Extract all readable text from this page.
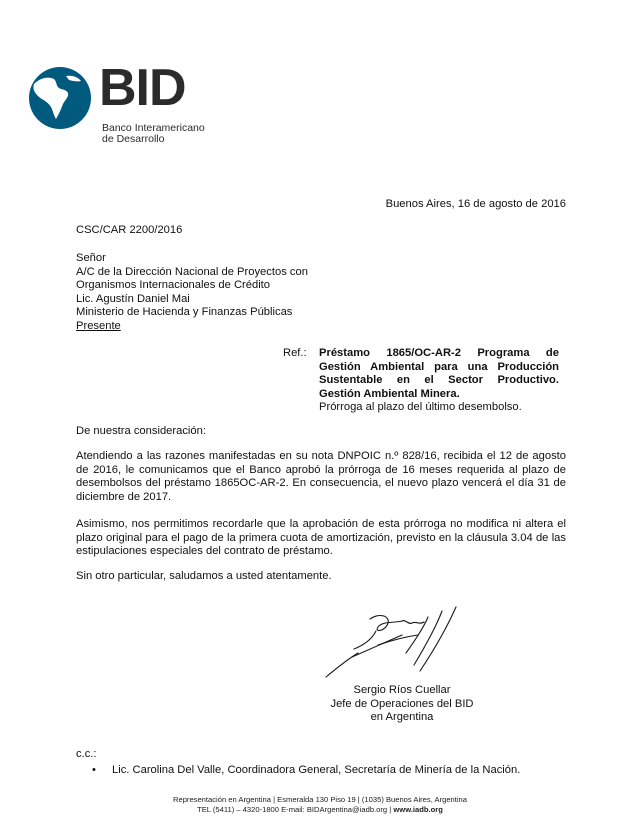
BID
Banco Interamericano
de Desarrollo
Buenos Aires, 16 de agosto de 2016
CSC/CAR 2200/2016
Señor
A/C de la Dirección Nacional de Proyectos con
Organismos Internacionales de Crédito
Lic. Agustín Daniel Mai
Ministerio de Hacienda y Finanzas Públicas
Presente
Ref.: Préstamo 1865/OC-AR-2 Programa de
Gestión Ambiental para una Producción
Sustentable en el Sector Productivo.
Gestión Ambiental Minera.
Prórroga al plazo del último desembolso.
De nuestra consideración:
Atendiendo a las razones manifestadas en su nota DNPOIC n.º 828/16, recibida el 12 de agosto de 2016, le comunicamos que el Banco aprobó la prórroga de 16 meses requerida al plazo de desembolsos del préstamo 1865OC-AR-2. En consecuencia, el nuevo plazo vencerá el día 31 de diciembre de 2017.
Asimismo, nos permitimos recordarle que la aprobación de esta prórroga no modifica ni altera el plazo original para el pago de la primera cuota de amortización, previsto en la cláusula 3.04 de las estipulaciones especiales del contrato de préstamo.
Sin otro particular, saludamos a usted atentamente.
Sergio Ríos Cuellar
Jefe de Operaciones del BID
en Argentina
c.c.:
• Lic. Carolina Del Valle, Coordinadora General, Secretaría de Minería de la Nación.
Representación en Argentina | Esmeralda 130 Piso 19 | (1035) Buenos Aires, Argentina
TEL (5411) – 4320-1800 E-mail: BIDArgentina@iadb.org | www.iadb.org
